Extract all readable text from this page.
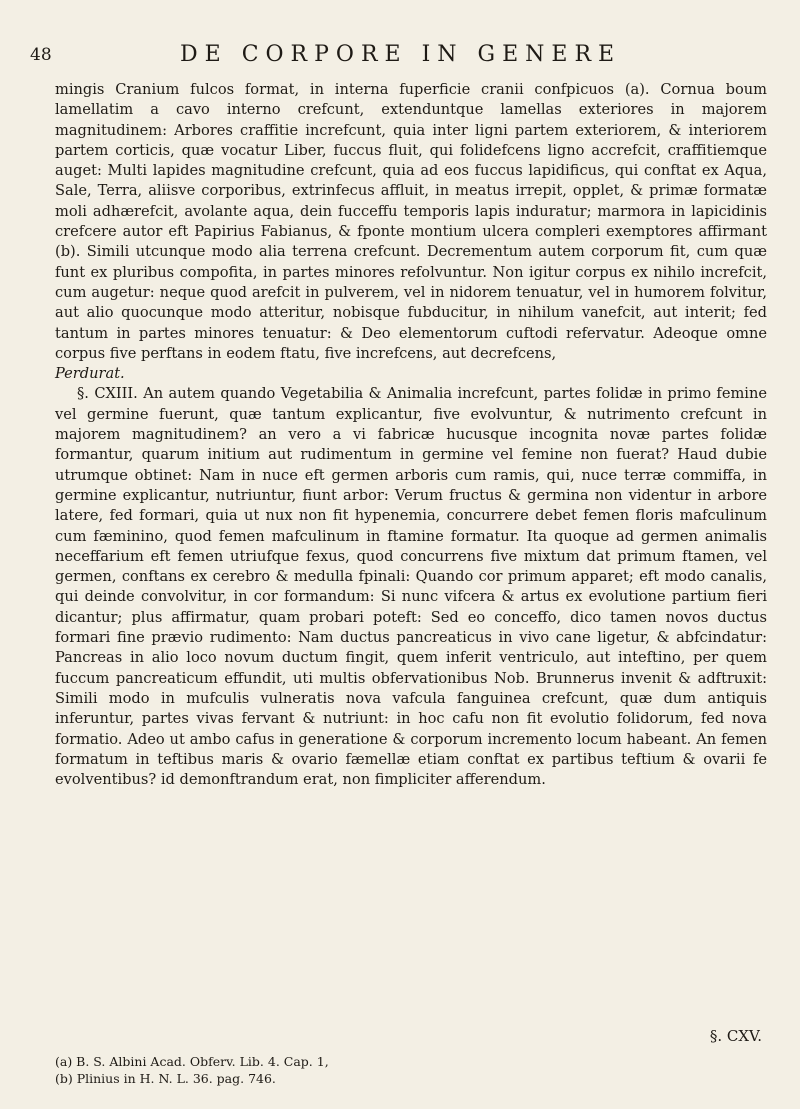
48	DE CORPORE IN GENERE

mingis Cranium fulcos format, in interna fuperficie cranii confpicuos (a). Cornua boum lamellatim a cavo interno crefcunt, extenduntque lamellas exteriores in majorem magnitudinem: Arbores craffitie increfcunt, quia inter ligni partem exteriorem, & interiorem partem corticis, quæ vocatur Liber, fuccus fluit, qui folidefcens ligno accrefcit, craffitiemque auget: Multi lapides magnitudine crefcunt, quia ad eos fuccus lapidificus, qui conftat ex Aqua, Sale, Terra, aliisve corporibus, extrinfecus affluit, in meatus irrepit, opplet, & primæ formatæ moli adhærefcit, avolante aqua, dein fucceffu temporis lapis induratur; marmora in lapicidinis crefcere autor eft Papirius Fabianus, & fponte montium ulcera compleri exemptores affirmant (b). Simili utcunque modo alia terrena crefcunt. Decrementum autem corporum fit, cum quæ funt ex pluribus compofita, in partes minores refolvuntur. Non igitur corpus ex nihilo increfcit, cum augetur: neque quod arefcit in pulverem, vel in nidorem tenuatur, vel in humorem folvitur, aut alio quocunque modo atteritur, nobisque fubducitur, in nihilum vanefcit, aut interit; fed tantum in partes minores tenuatur: & Deo elementorum cuftodi refervatur. Adeoque omne corpus five perftans in eodem ftatu, five increfcens, aut decrefcens,

Perdurat.

§. CXIII. An autem quando Vegetabilia & Animalia increfcunt, partes folidæ in primo femine vel germine fuerunt, quæ tantum explicantur, five evolvuntur, & nutrimento crefcunt in majorem magnitudinem? an vero a vi fabricæ hucusque incognita novæ partes folidæ formantur, quarum initium aut rudimentum in germine vel femine non fuerat? Haud dubie utrumque obtinet: Nam in nuce eft germen arboris cum ramis, qui, nuce terræ commiffa, in germine explicantur, nutriuntur, fiunt arbor: Verum fructus & germina non videntur in arbore latere, fed formari, quia ut nux non fit hypenemia, concurrere debet femen floris mafculinum cum fæminino, quod femen mafculinum in ftamine formatur. Ita quoque ad germen animalis neceffarium eft femen utriufque fexus, quod concurrens five mixtum dat primum ftamen, vel germen, conftans ex cerebro & medulla fpinali: Quando cor primum apparet; eft modo canalis, qui deinde convolvitur, in cor formandum: Si nunc vifcera & artus ex evolutione partium fieri dicantur; plus affirmatur, quam probari poteft: Sed eo conceffo, dico tamen novos ductus formari fine prævio rudimento: Nam ductus pancreaticus in vivo cane ligetur, & abfcindatur: Pancreas in alio loco novum ductum fingit, quem inferit ventriculo, aut inteftino, per quem fuccum pancreaticum effundit, uti multis obfervationibus Nob. Brunnerus invenit & adftruxit: Simili modo in mufculis vulneratis nova vafcula fanguinea crefcunt, quæ dum antiquis inferuntur, partes vivas fervant & nutriunt: in hoc cafu non fit evolutio folidorum, fed nova formatio. Adeo ut ambo cafus in generatione & corporum incremento locum habeant. An femen formatum in teftibus maris & ovario fæmellæ etiam conftat ex partibus teftium & ovarii fe evolventibus? id demonftrandum erat, non fimpliciter afferendum.

§. CXV.
(a) B. S. Albini Acad. Obferv. Lib. 4. Cap. 1,
(b) Plinius in H. N. L. 36. pag. 746.
